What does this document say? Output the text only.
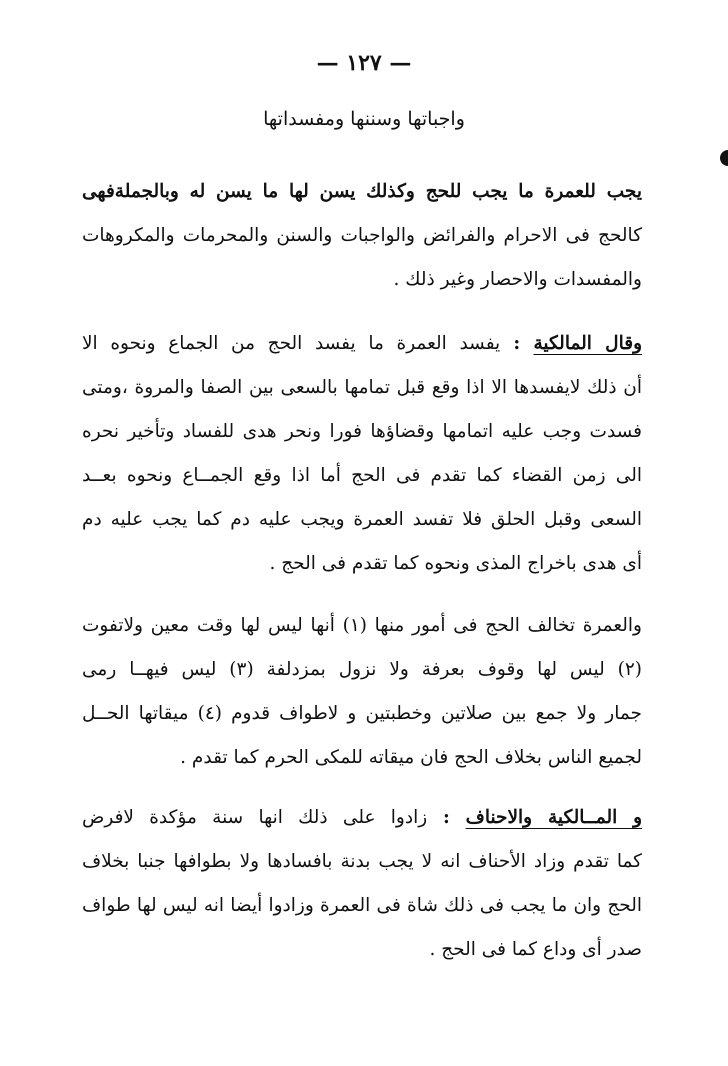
— ١٢٧ —
واجباتها وسننها ومفسداتها
يجب للعمرة ما يجب للحج وكذلك يسن لها ما يسن له وبالجملةفهى
كالحج فى الاحرام والفرائض والواجبات والسنن والمحرمات والمكروهات
والمفسدات والاحصار وغير ذلك .
وقال المالكية : يفسد العمرة ما يفسد الحج من الجماع ونحوه الا
أن ذلك لايفسدها الا اذا وقع قبل تمامها بالسعى بين الصفا والمروة ،ومتى
فسدت وجب عليه اتمامها وقضاؤها فورا ونحر هدى للفساد وتأخير نحره
الى زمن القضاء كما تقدم فى الحج أما اذا وقع الجمــاع ونحوه بعــد
السعى وقبل الحلق فلا تفسد العمرة ويجب عليه دم كما يجب عليه دم
أى هدى باخراج المذى ونحوه كما تقدم فى الحج .
والعمرة تخالف الحج فى أمور منها (١) أنها ليس لها وقت معين ولاتفوت
(٢) ليس لها وقوف بعرفة ولا نزول بمزدلفة (٣) ليس فيهــا رمى
جمار ولا جمع بين صلاتين وخطبتين و لاطواف قدوم (٤) ميقاتها الحــل
لجميع الناس بخلاف الحج فان ميقاته للمكى الحرم كما تقدم .
و المــالكية والاحناف : زادوا على ذلك انها سنة مؤكدة لافرض
كما تقدم وزاد الأحناف انه لا يجب بدنة بافسادها ولا بطوافها جنبا بخلاف
الحج وان ما يجب فى ذلك شاة فى العمرة وزادوا أيضا انه ليس لها طواف
صدر أى وداع كما فى الحج .
